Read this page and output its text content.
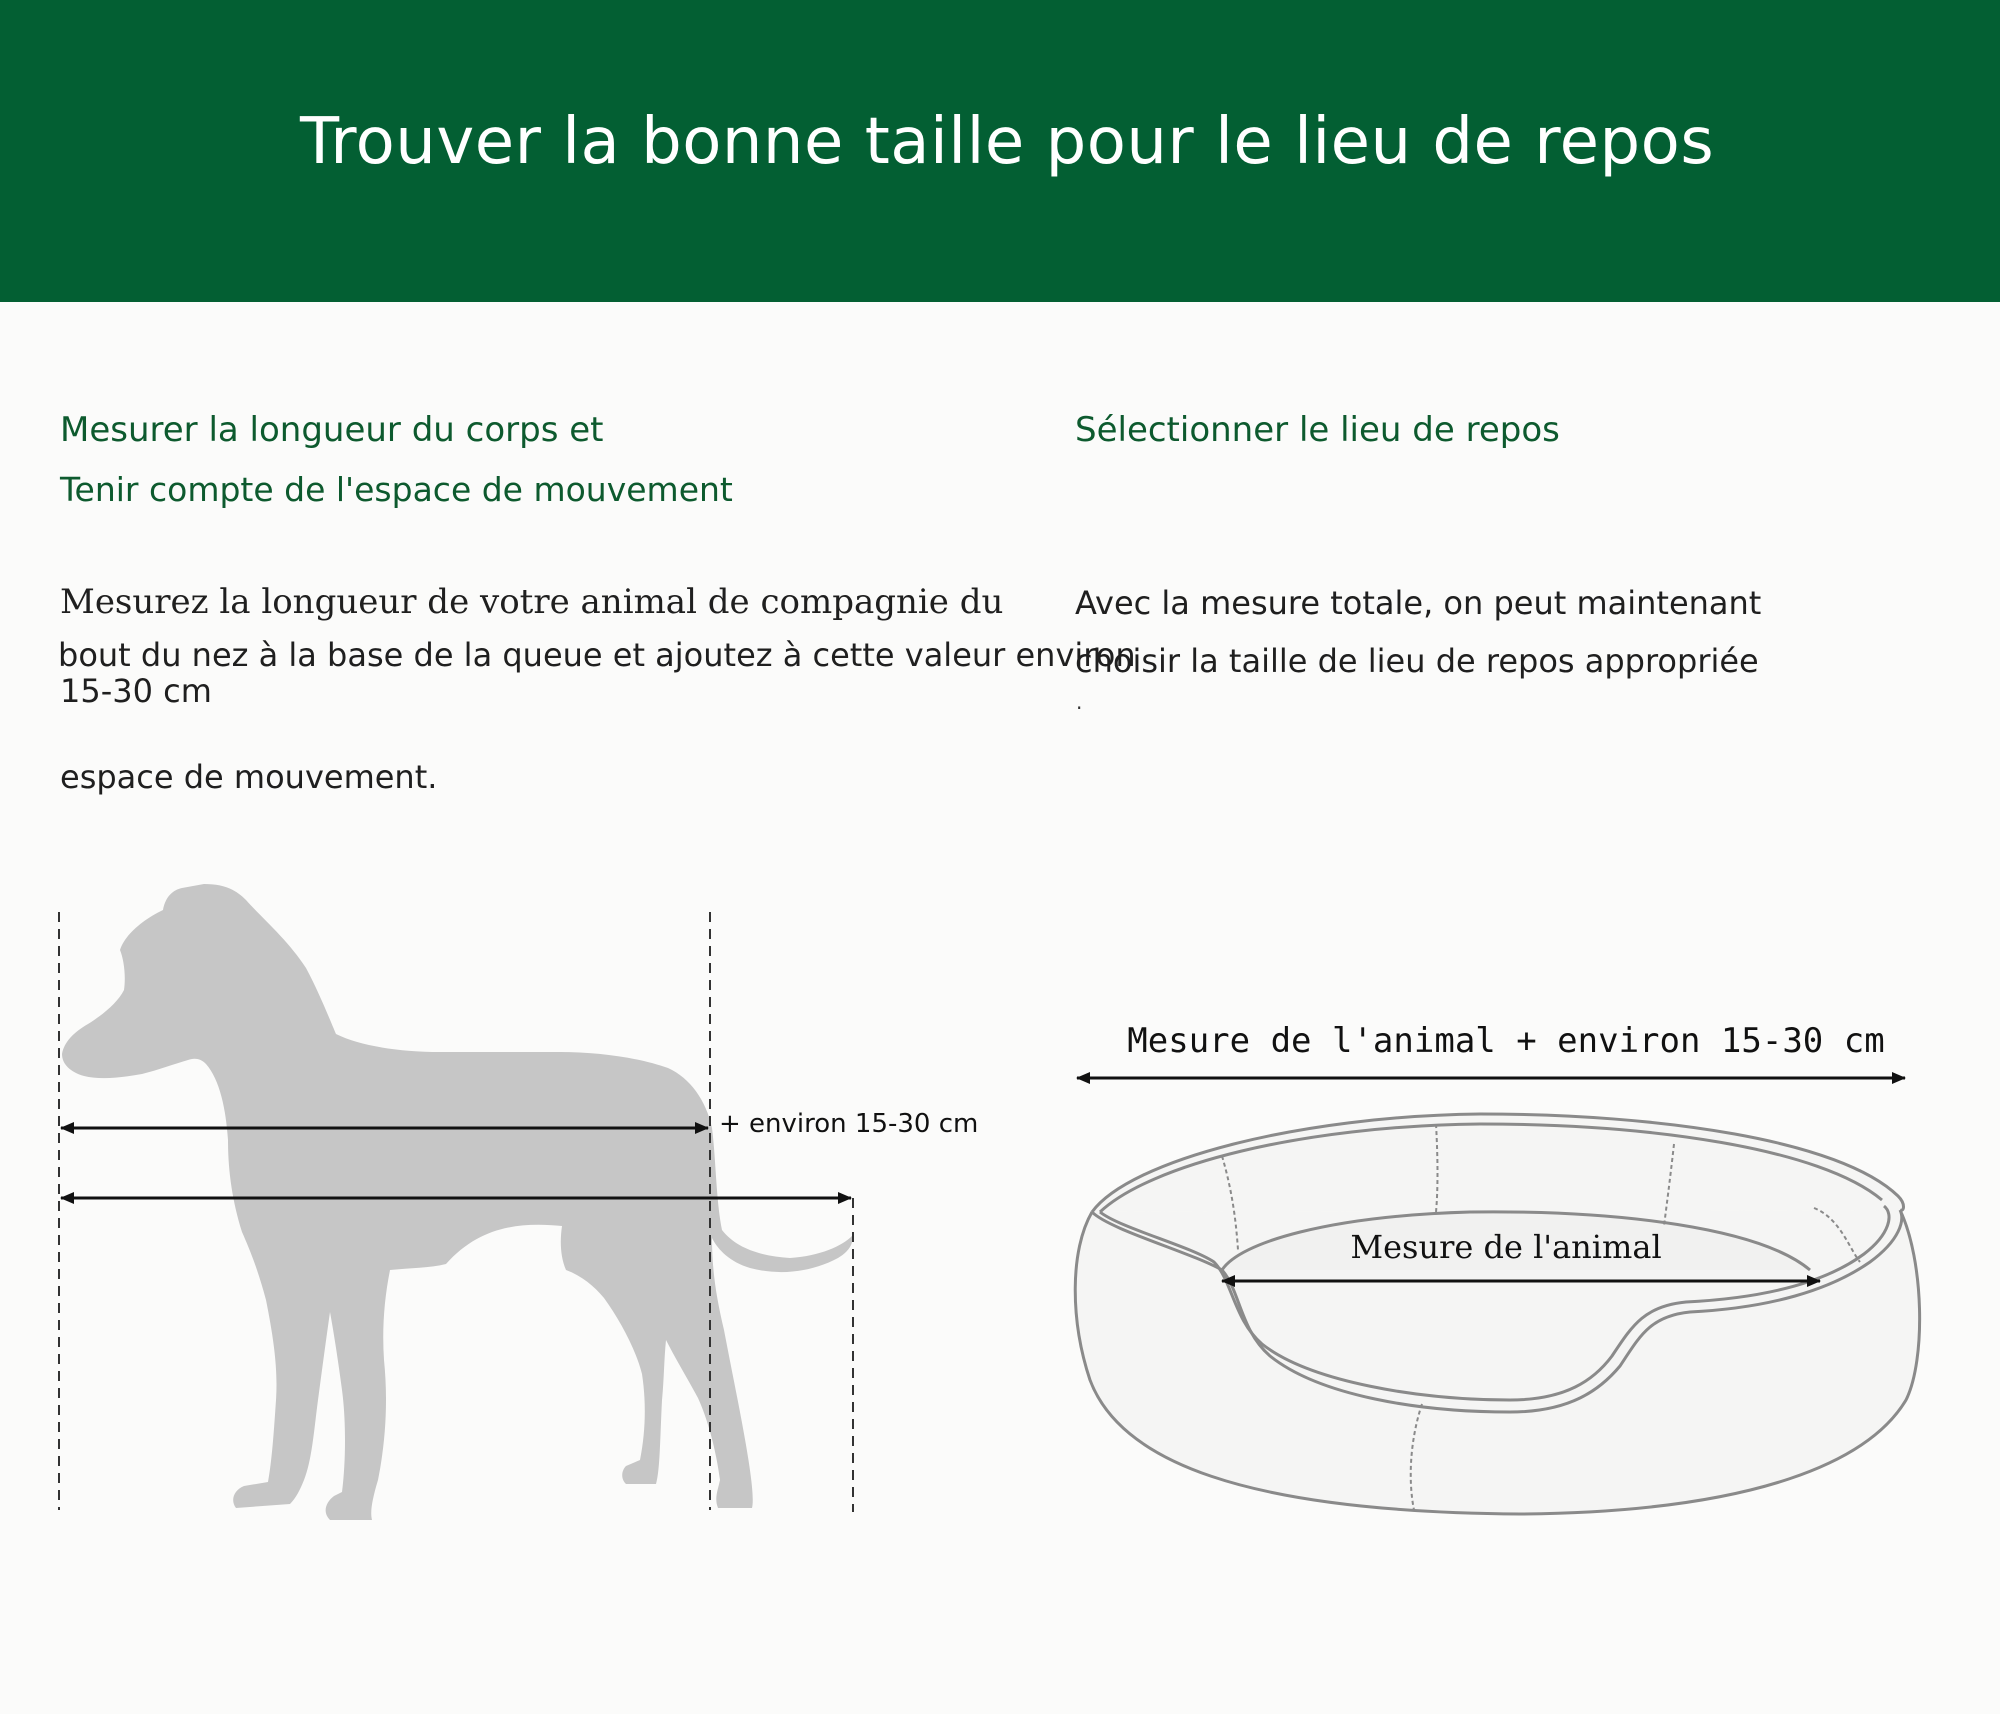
Trouver la bonne taille pour le lieu de repos
Mesurer la longueur du corps et
Tenir compte de l'espace de mouvement
Mesurez la longueur de votre animal de compagnie du
bout du nez à la base de la queue et ajoutez à cette valeur environ
15-30 cm
espace de mouvement.
Sélectionner le lieu de repos
Avec la mesure totale, on peut maintenant
choisir la taille de lieu de repos appropriée
.
+ environ 15-30 cm
Mesure de l'animal + environ 15-30 cm
Mesure de l'animal
